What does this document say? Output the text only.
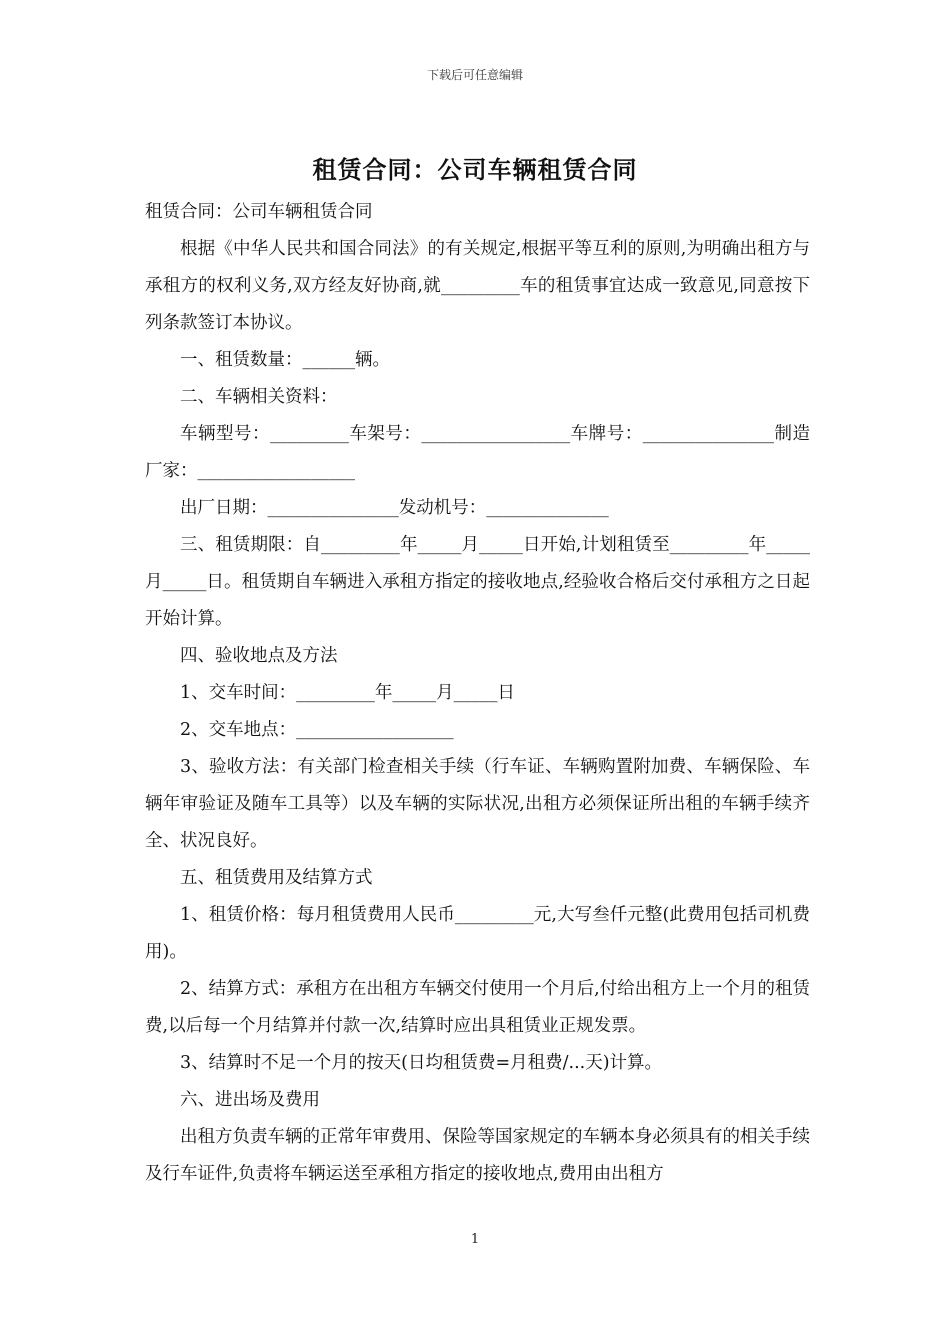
下载后可任意编辑
租赁合同：公司车辆租赁合同

租赁合同：公司车辆租赁合同

根据《中华人民共和国合同法》的有关规定,根据平等互利的原则,为明确出租方与承租方的权利义务,双方经友好协商,就_________车的租赁事宜达成一致意见,同意按下列条款签订本协议。

一、租赁数量：______辆。

二、车辆相关资料：

车辆型号：_________车架号：_________________车牌号：_______________制造厂家：__________________

出厂日期：_______________发动机号：______________

三、租赁期限：自_________年_____月_____日开始,计划租赁至_________年_____月_____日。租赁期自车辆进入承租方指定的接收地点,经验收合格后交付承租方之日起开始计算。

四、验收地点及方法

1、交车时间：_________年_____月_____日

2、交车地点：__________________

3、验收方法：有关部门检查相关手续（行车证、车辆购置附加费、车辆保险、车辆年审验证及随车工具等）以及车辆的实际状况,出租方必须保证所出租的车辆手续齐全、状况良好。

五、租赁费用及结算方式

1、租赁价格：每月租赁费用人民币_________元,大写叁仟元整(此费用包括司机费用)。

2、结算方式：承租方在出租方车辆交付使用一个月后,付给出租方上一个月的租赁费,以后每一个月结算并付款一次,结算时应出具租赁业正规发票。

3、结算时不足一个月的按天(日均租赁费=月租费/...天)计算。

六、进出场及费用

出租方负责车辆的正常年审费用、保险等国家规定的车辆本身必须具有的相关手续及行车证件,负责将车辆运送至承租方指定的接收地点,费用由出租方

1
